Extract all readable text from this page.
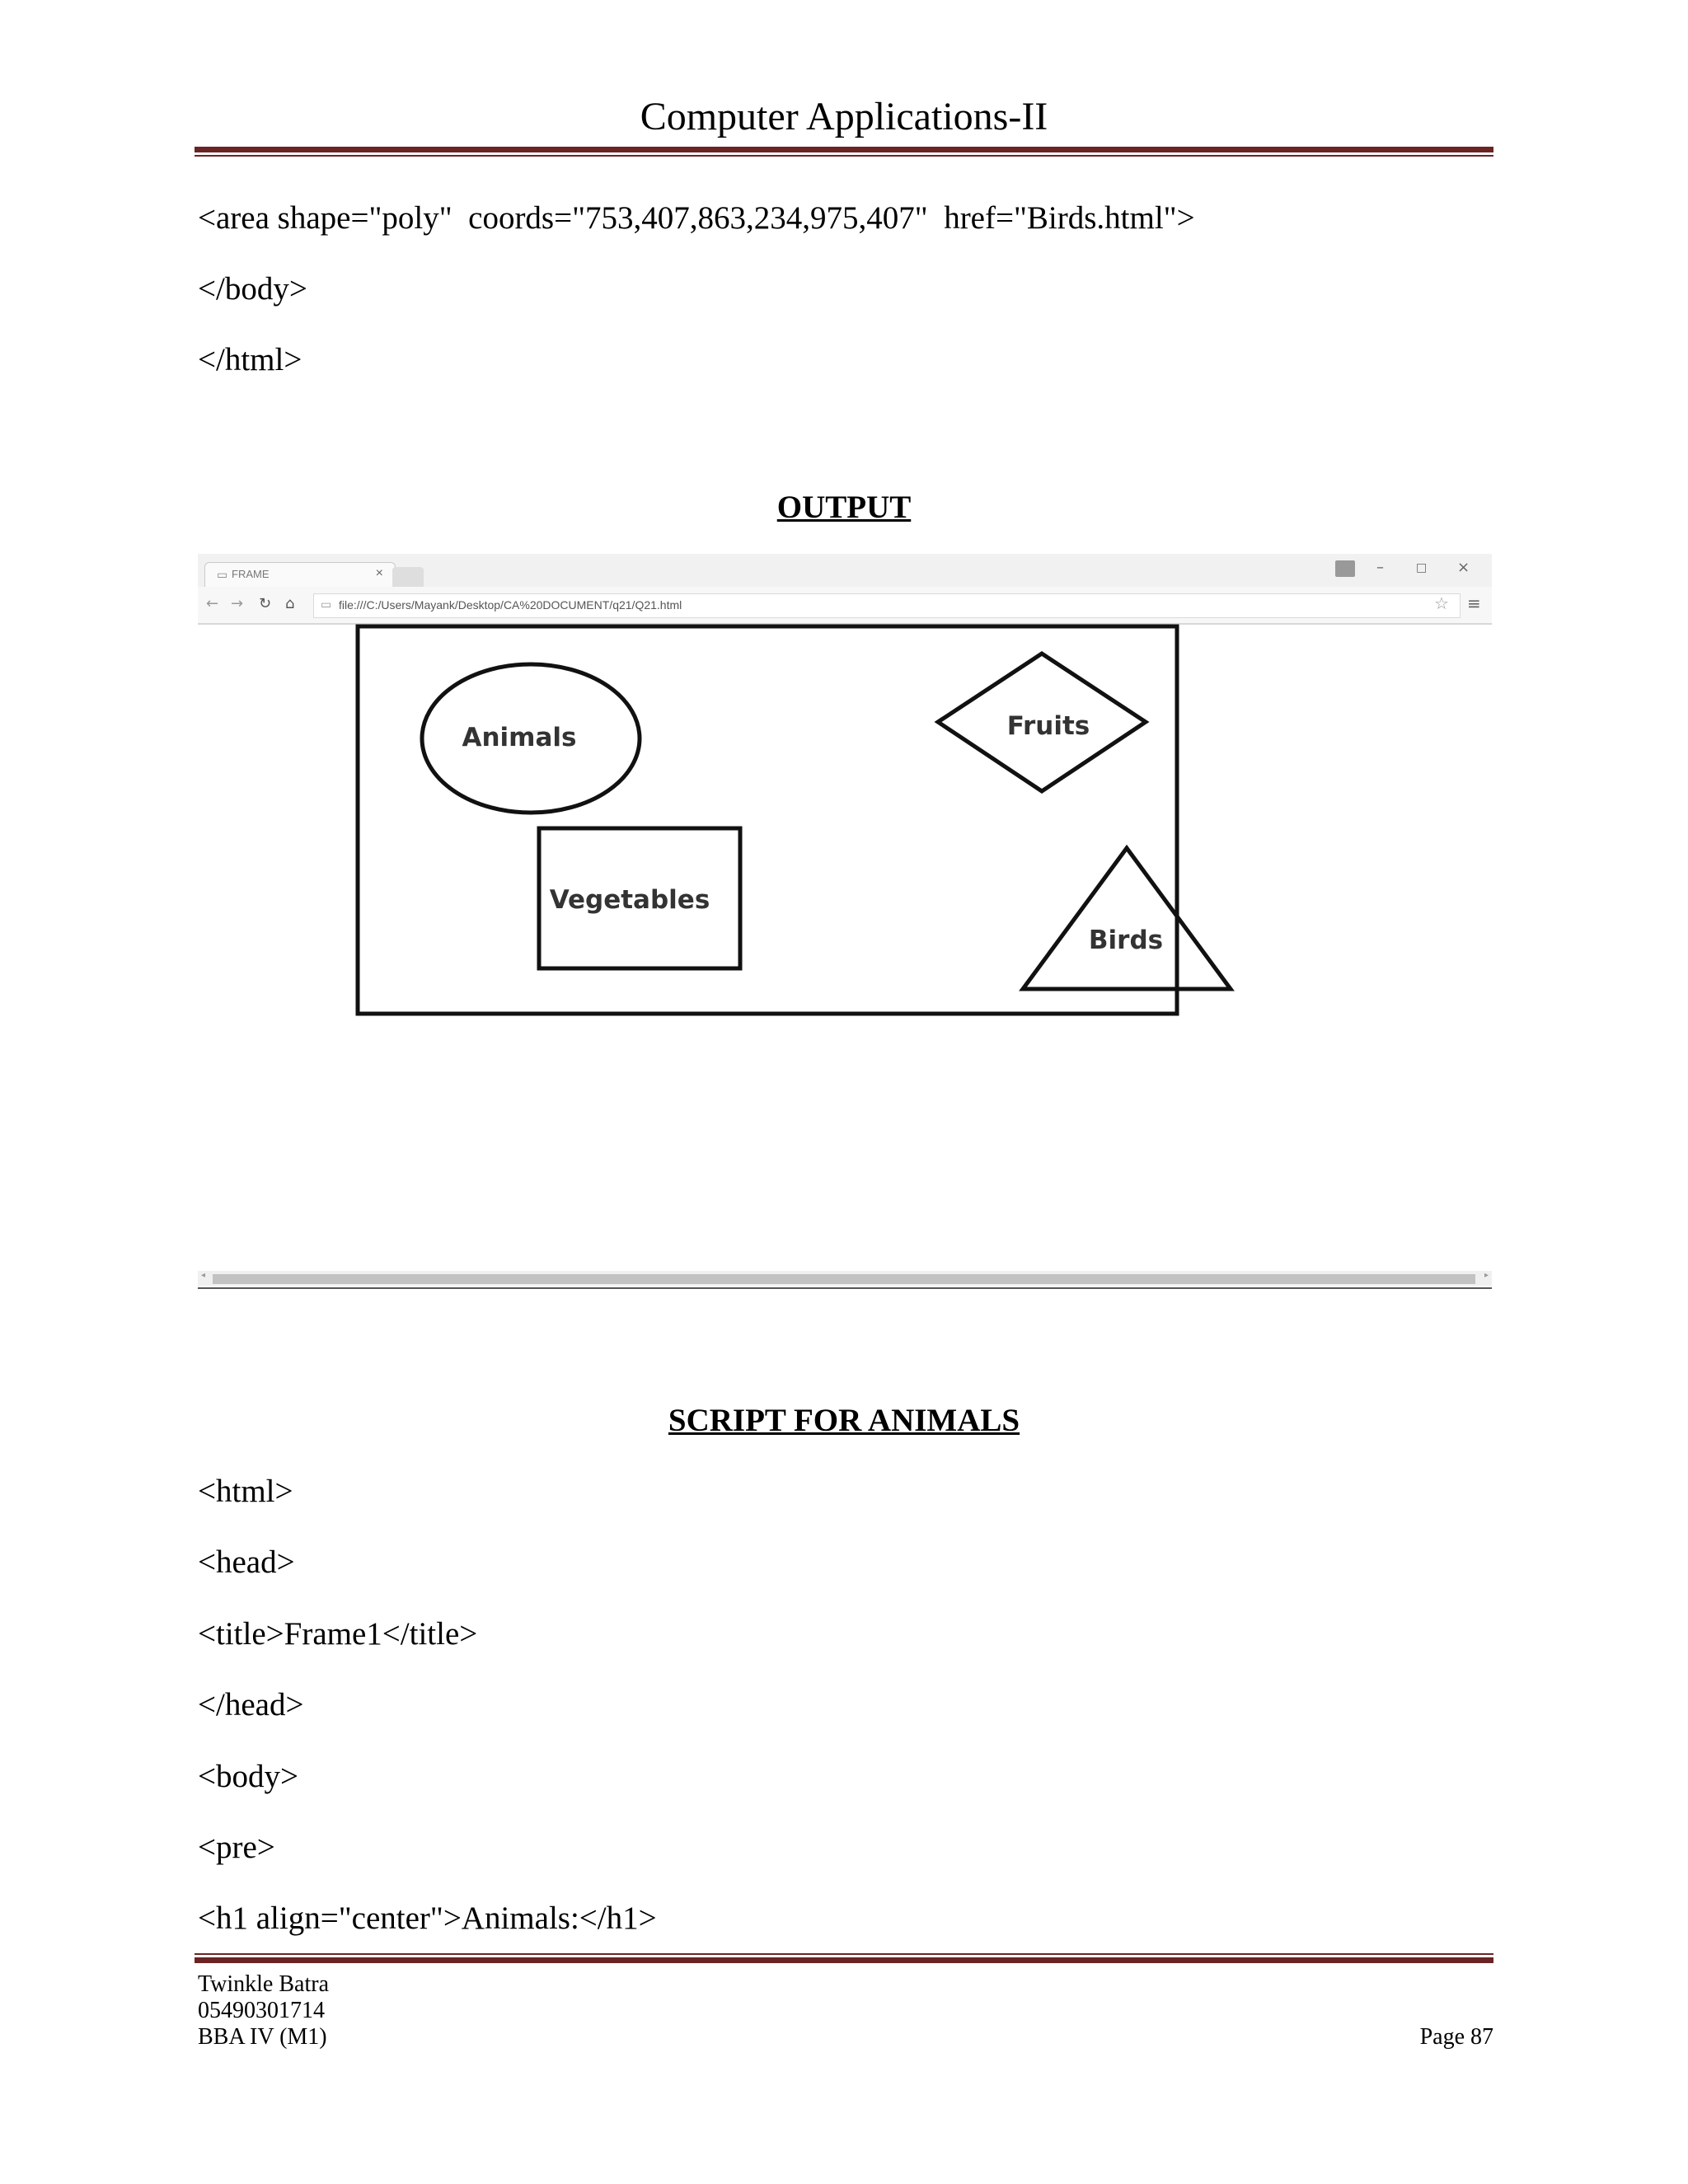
Computer Applications-II
<area shape="poly"  coords="753,407,863,234,975,407"  href="Birds.html">
</body>
</html>
OUTPUT
▭ FRAME	×	–	□ ×
← → ↻ ⌂ ▭ file:///C:/Users/Mayank/Desktop/CA%20DOCUMENT/q21/Q21.html	☆ ≡
Animals	Fruits
Vegetables
Birds
◂	▸
SCRIPT FOR ANIMALS
<html>
<head>
<title>Frame1</title>
</head>
<body>
<pre>
<h1 align="center">Animals:</h1>
Twinkle Batra
05490301714
BBA IV (M1)	Page 87
